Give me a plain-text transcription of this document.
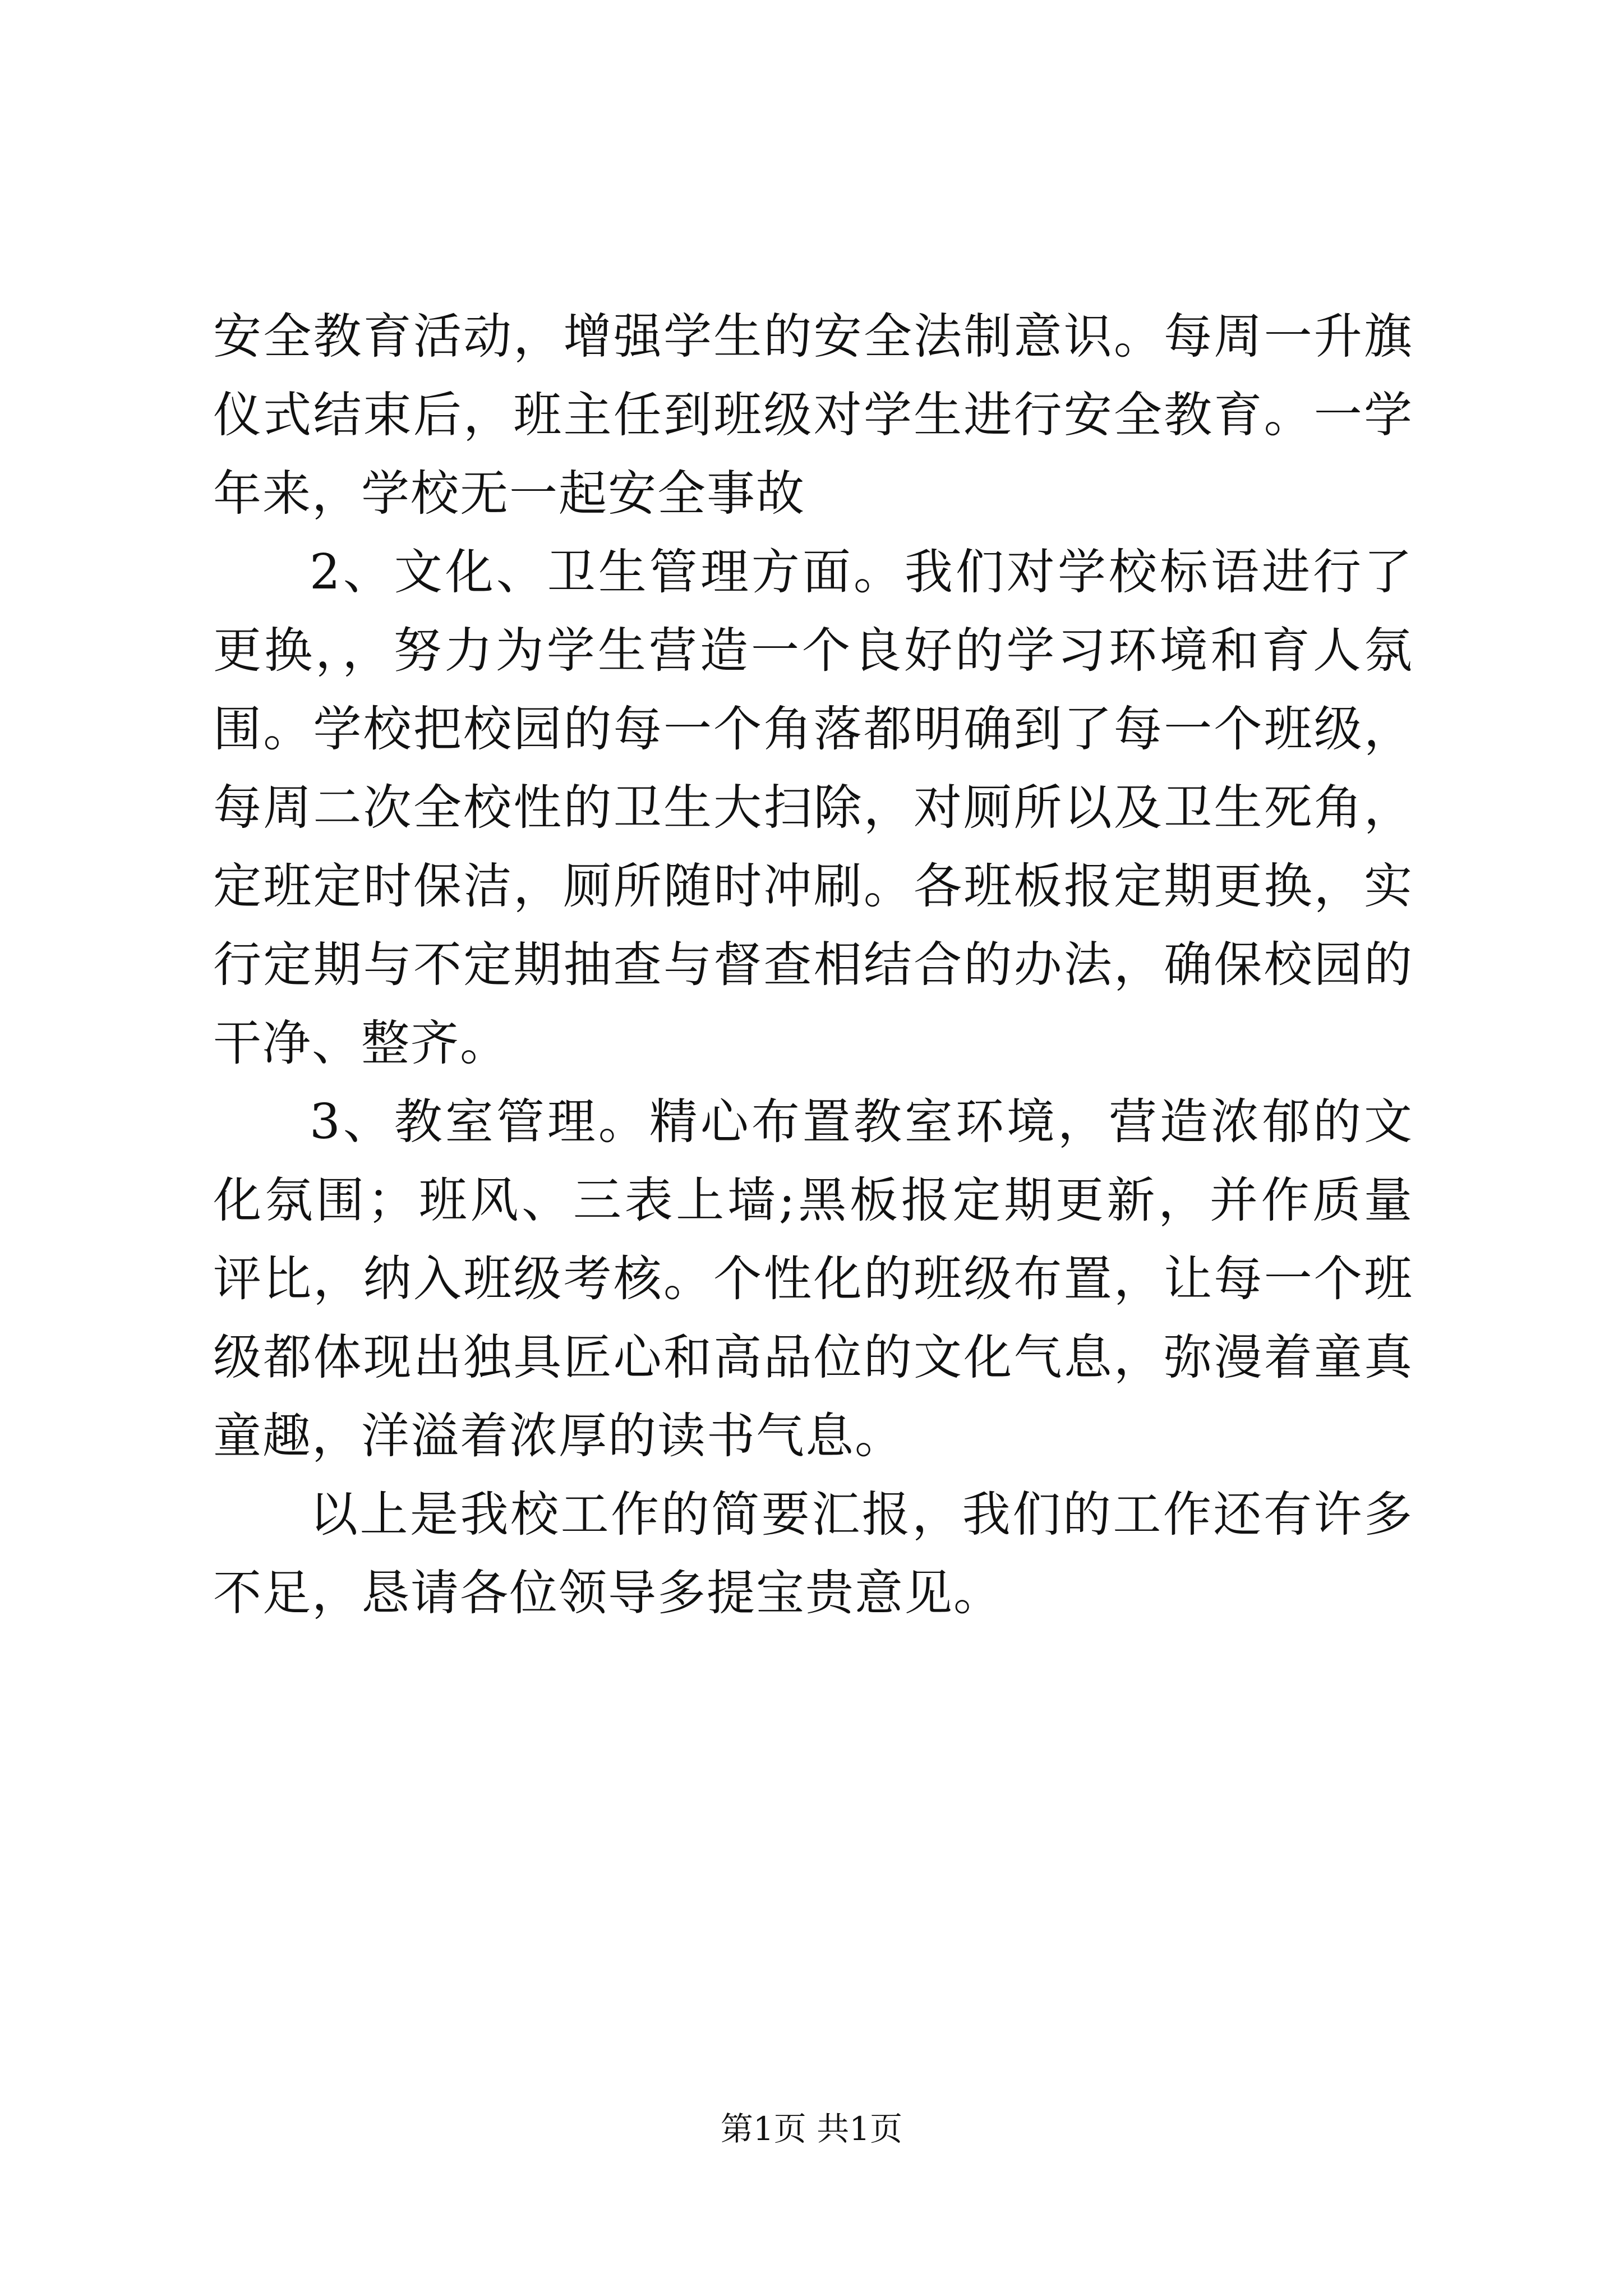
安全教育活动，增强学生的安全法制意识。每周一升旗仪式结束后，班主任到班级对学生进行安全教育。一学年来，学校无一起安全事故

2、文化、卫生管理方面。我们对学校标语进行了更换，，努力为学生营造一个良好的学习环境和育人氛围。学校把校园的每一个角落都明确到了每一个班级，每周二次全校性的卫生大扫除，对厕所以及卫生死角，定班定时保洁，厕所随时冲刷。各班板报定期更换，实行定期与不定期抽查与督查相结合的办法，确保校园的干净、整齐。

3、教室管理。精心布置教室环境，营造浓郁的文化氛围；班风、三表上墙;黑板报定期更新，并作质量评比，纳入班级考核。个性化的班级布置，让每一个班级都体现出独具匠心和高品位的文化气息，弥漫着童真童趣，洋溢着浓厚的读书气息。

以上是我校工作的简要汇报，我们的工作还有许多不足，恳请各位领导多提宝贵意见。

第1页 共1页
